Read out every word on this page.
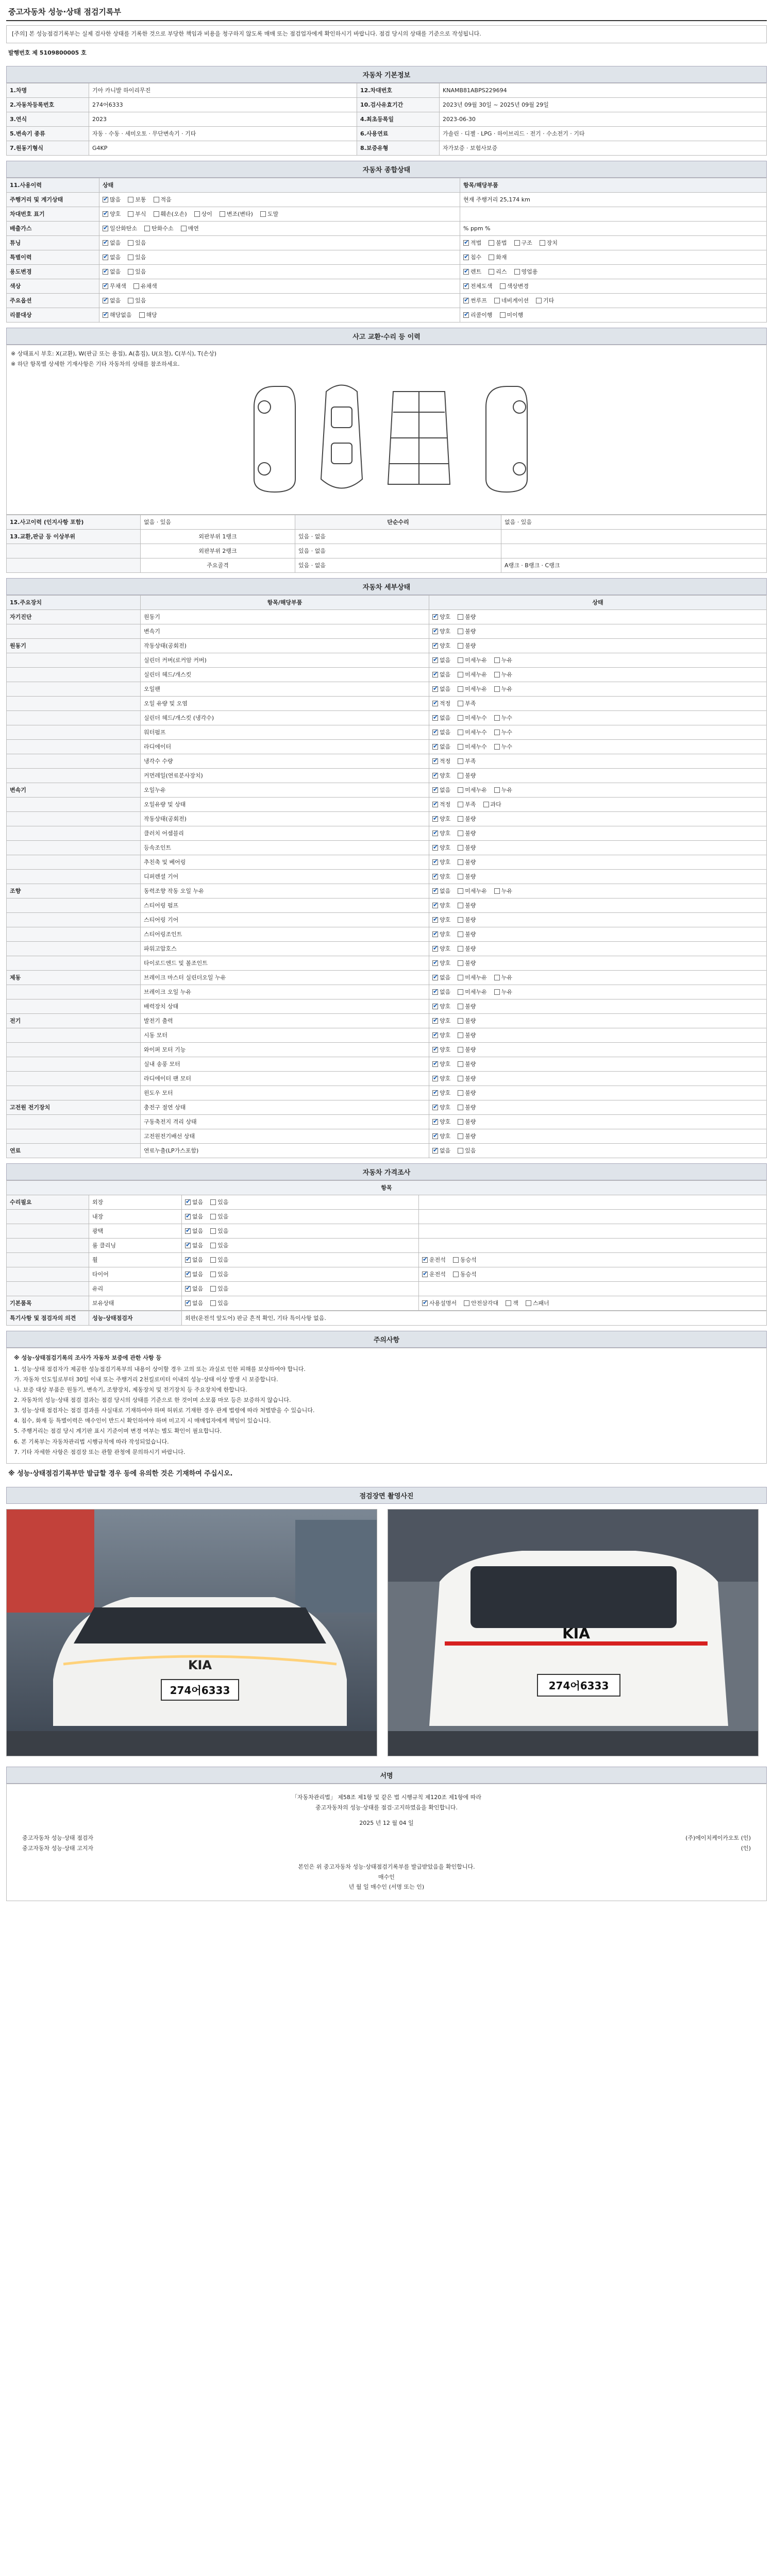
중고자동차 성능·상태 점검기록부
[주의] 본 성능점검기록부는 실제 검사한 상태를 기록한 것으로 부당한 책임과 비용을 청구하지 않도록 매매 또는 점검업자에게 확인하시기 바랍니다. 점검 당시의 상태를 기준으로 작성됩니다.
발행번호 제 5109800005 호
자동차 기본정보
1.차명	기아 카니발 하이리무진	12.차대번호	KNAMB81ABPS229694
2.자동차등록번호	274어6333	10.검사유효기간	2023년 09월 30일 ~ 2025년 09월 29일
3.연식	2023	4.최초등록일	2023-06-30
5.변속기 종류	자동 · 수동 · 세미오토 · 무단변속기 · 기타	6.사용연료	가솔린 · 디젤 · LPG · 하이브리드 · 전기 · 수소전기 · 기타
7.원동기형식	G4KP	8.보증유형	자가보증 · 보험사보증
자동차 종합상태
11.사용이력	상태	항목/해당부품
주행거리 및 계기상태	✔많음 보통 적음	현재 주행거리 25,174 km
차대번호 표기	✔양호 부식 훼손(오손) 상이 변조(변타) 도말	
배출가스	✔일산화탄소 탄화수소 매연	% ppm %
튜닝	✔없음 있음	✔적법 불법 구조 장치
특별이력	✔없음 있음	✔침수 화재
용도변경	✔없음 있음	✔렌트 리스 영업용
색상	✔무채색 유채색	✔전체도색 색상변경
주요옵션	✔없음 있음	✔썬루프 네비게이션 기타
리콜대상	✔해당없음 해당	✔리콜이행 미이행
사고 교환·수리 등 이력
※ 상태표시 부호: X(교환), W(판금 또는 용접), A(흠집), U(요철), C(부식), T(손상)
※ 하단 항목별 상세한 기재사항은 기타 자동차의 상태를 참조하세요.
12.사고이력 (인지사항 포함)	없음 · 있음	단순수리	없음 · 있음
13.교환,판금 등 이상부위	외판부위 1랭크	있음 · 없음	
	외판부위 2랭크	있음 · 없음	
	주요골격	있음 · 없음	A랭크 · B랭크 · C랭크
자동차 세부상태
15.주요장치	항목/해당부품	상태
자기진단	원동기	✔양호 불량
	변속기	✔양호 불량
원동기	작동상태(공회전)	✔양호 불량
	실린더 커버(로커암 커버)	✔없음 미세누유 누유
	실린더 헤드/개스킷	✔없음 미세누유 누유
	오일팬	✔없음 미세누유 누유
	오일 유량 및 오염	✔적정 부족
	실린더 헤드/개스킷 (냉각수)	✔없음 미세누수 누수
	워터펌프	✔없음 미세누수 누수
	라디에이터	✔없음 미세누수 누수
	냉각수 수량	✔적정 부족
	커먼레일(연료분사장치)	✔양호 불량
변속기	오일누유	✔없음 미세누유 누유
	오일유량 및 상태	✔적정 부족 과다
	작동상태(공회전)	✔양호 불량
	클러치 어셈블리	✔양호 불량
	등속조인트	✔양호 불량
	추친축 및 베어링	✔양호 불량
	디퍼렌셜 기어	✔양호 불량
조향	동력조향 작동 오일 누유	✔없음 미세누유 누유
	스티어링 펌프	✔양호 불량
	스티어링 기어	✔양호 불량
	스티어링조인트	✔양호 불량
	파워고압호스	✔양호 불량
	타이로드엔드 및 볼조인트	✔양호 불량
제동	브레이크 마스터 실린더오일 누유	✔없음 미세누유 누유
	브레이크 오일 누유	✔없음 미세누유 누유
	배력장치 상태	✔양호 불량
전기	발전기 출력	✔양호 불량
	시동 모터	✔양호 불량
	와이퍼 모터 기능	✔양호 불량
	실내 송풍 모터	✔양호 불량
	라디에이터 팬 모터	✔양호 불량
	윈도우 모터	✔양호 불량
고전원 전기장치	충전구 절연 상태	✔양호 불량
	구동축전지 격리 상태	✔양호 불량
	고전원전기배선 상태	✔양호 불량
연료	연료누출(LP가스포함)	✔없음 있음
자동차 가격조사
항목			
수리필요	외장	✔없음 있음	
	내장	✔없음 있음	
	광택	✔없음 있음	
	룸 클리닝	✔없음 있음	
	휠	✔없음 있음	✔운전석 동승석
	타이어	✔없음 있음	✔운전석 동승석
	유리	✔없음 있음	
기본품목	보유상태	✔없음 있음	✔사용설명서 안전삼각대 잭 스패너
특기사항 및 점검자의 의견	성능·상태점검자	외판(운전석 앞도어) 판금 흔적 확인, 기타 특이사항 없음.
주의사항

※ 성능·상태점검기록의 조사가 자동차 보증에 관한 사항 등

1. 성능·상태 점검자가 제공한 성능점검기록부의 내용이 상이할 경우 고의 또는 과실로 인한 피해를 보상하여야 합니다.

가. 자동차 인도일로부터 30일 이내 또는 주행거리 2천킬로미터 이내의 성능·상태 이상 발생 시 보증합니다.

나. 보증 대상 부품은 원동기, 변속기, 조향장치, 제동장치 및 전기장치 등 주요장치에 한합니다.

2. 자동차의 성능·상태 점검 결과는 점검 당시의 상태를 기준으로 한 것이며 소모품 마모 등은 보증하지 않습니다.

3. 성능·상태 점검자는 점검 결과를 사실대로 기재하여야 하며 허위로 기재한 경우 관계 법령에 따라 처벌받을 수 있습니다.

4. 침수, 화재 등 특별이력은 매수인이 반드시 확인하여야 하며 미고지 시 매매업자에게 책임이 있습니다.

5. 주행거리는 점검 당시 계기판 표시 기준이며 변경 여부는 별도 확인이 필요합니다.

6. 본 기록부는 자동차관리법 시행규칙에 따라 작성되었습니다.

7. 기타 자세한 사항은 점검장 또는 관할 관청에 문의하시기 바랍니다.

※ 성능·상태점검기록부만 발급할 경우 등에 유의한 것은 기재하여 주십시오.
점검장면 촬영사진
274어6333
KIA
KIA
274어6333
서명
「자동차관리법」 제58조 제1항 및 같은 법 시행규칙 제120조 제1항에 따라
중고자동차의 성능·상태를 점검·고지하였음을 확인합니다.
2025 년 12 월 04 일
중고자동차 성능·상태 점검자	(주)에이치케이카오토 (인)
중고자동차 성능·상태 고지자	(인)
본인은 위 중고자동차 성능·상태점검기록부를 발급받았음을 확인합니다.
매수인
년 월 일 매수인 (서명 또는 인)
